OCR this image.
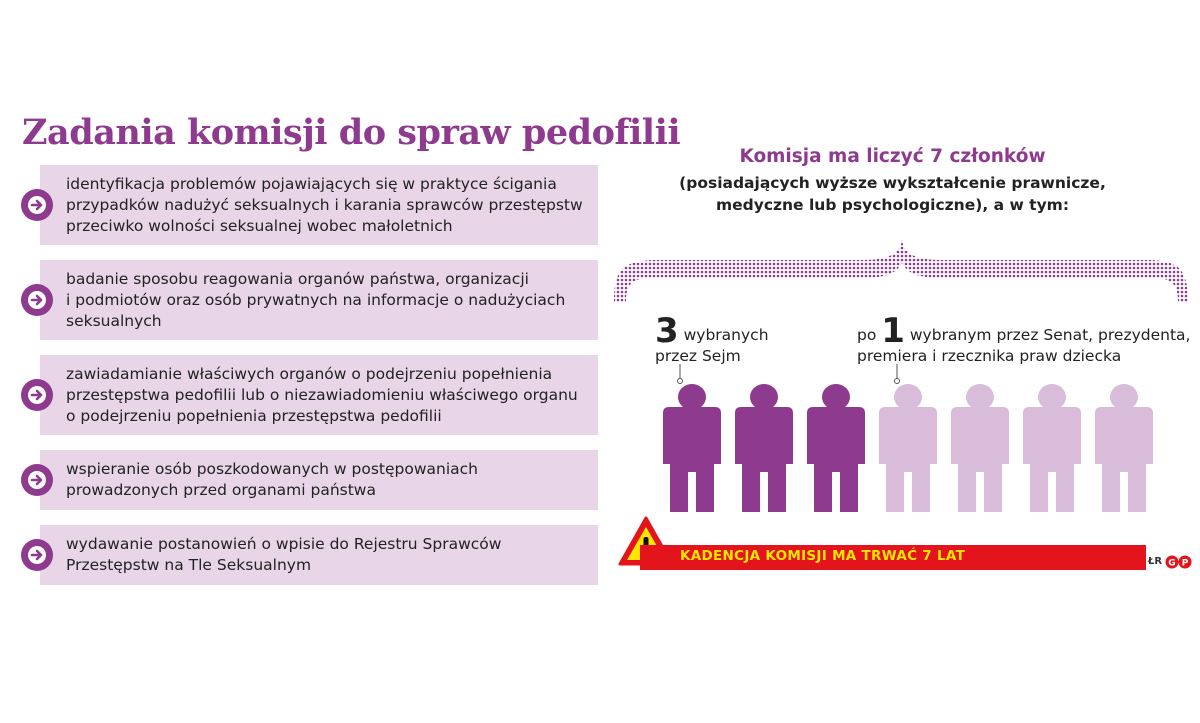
Zadania komisji do spraw pedofilii
identyfikacja problemów pojawiających się w praktyce ścigania
przypadków nadużyć seksualnych i karania sprawców przestępstw
przeciwko wolności seksualnej wobec małoletnich
badanie sposobu reagowania organów państwa, organizacji
i podmiotów oraz osób prywatnych na informacje o nadużyciach
seksualnych
zawiadamianie właściwych organów o podejrzeniu popełnienia
przestępstwa pedofilii lub o niezawiadomieniu właściwego organu
o podejrzeniu popełnienia przestępstwa pedofilii
wspieranie osób poszkodowanych w postępowaniach
prowadzonych przed organami państwa
wydawanie postanowień o wpisie do Rejestru Sprawców
Przestępstw na Tle Seksualnym
Komisja ma liczyć 7 członków
(posiadających wyższe wykształcenie prawnicze,
medyczne lub psychologiczne), a w tym:
3 wybranych
przez Sejm
po 1 wybranym przez Senat, prezydenta,
premiera i rzecznika praw dziecka
KADENCJA KOMISJI MA TRWAĆ 7 LAT	ŁR G P
